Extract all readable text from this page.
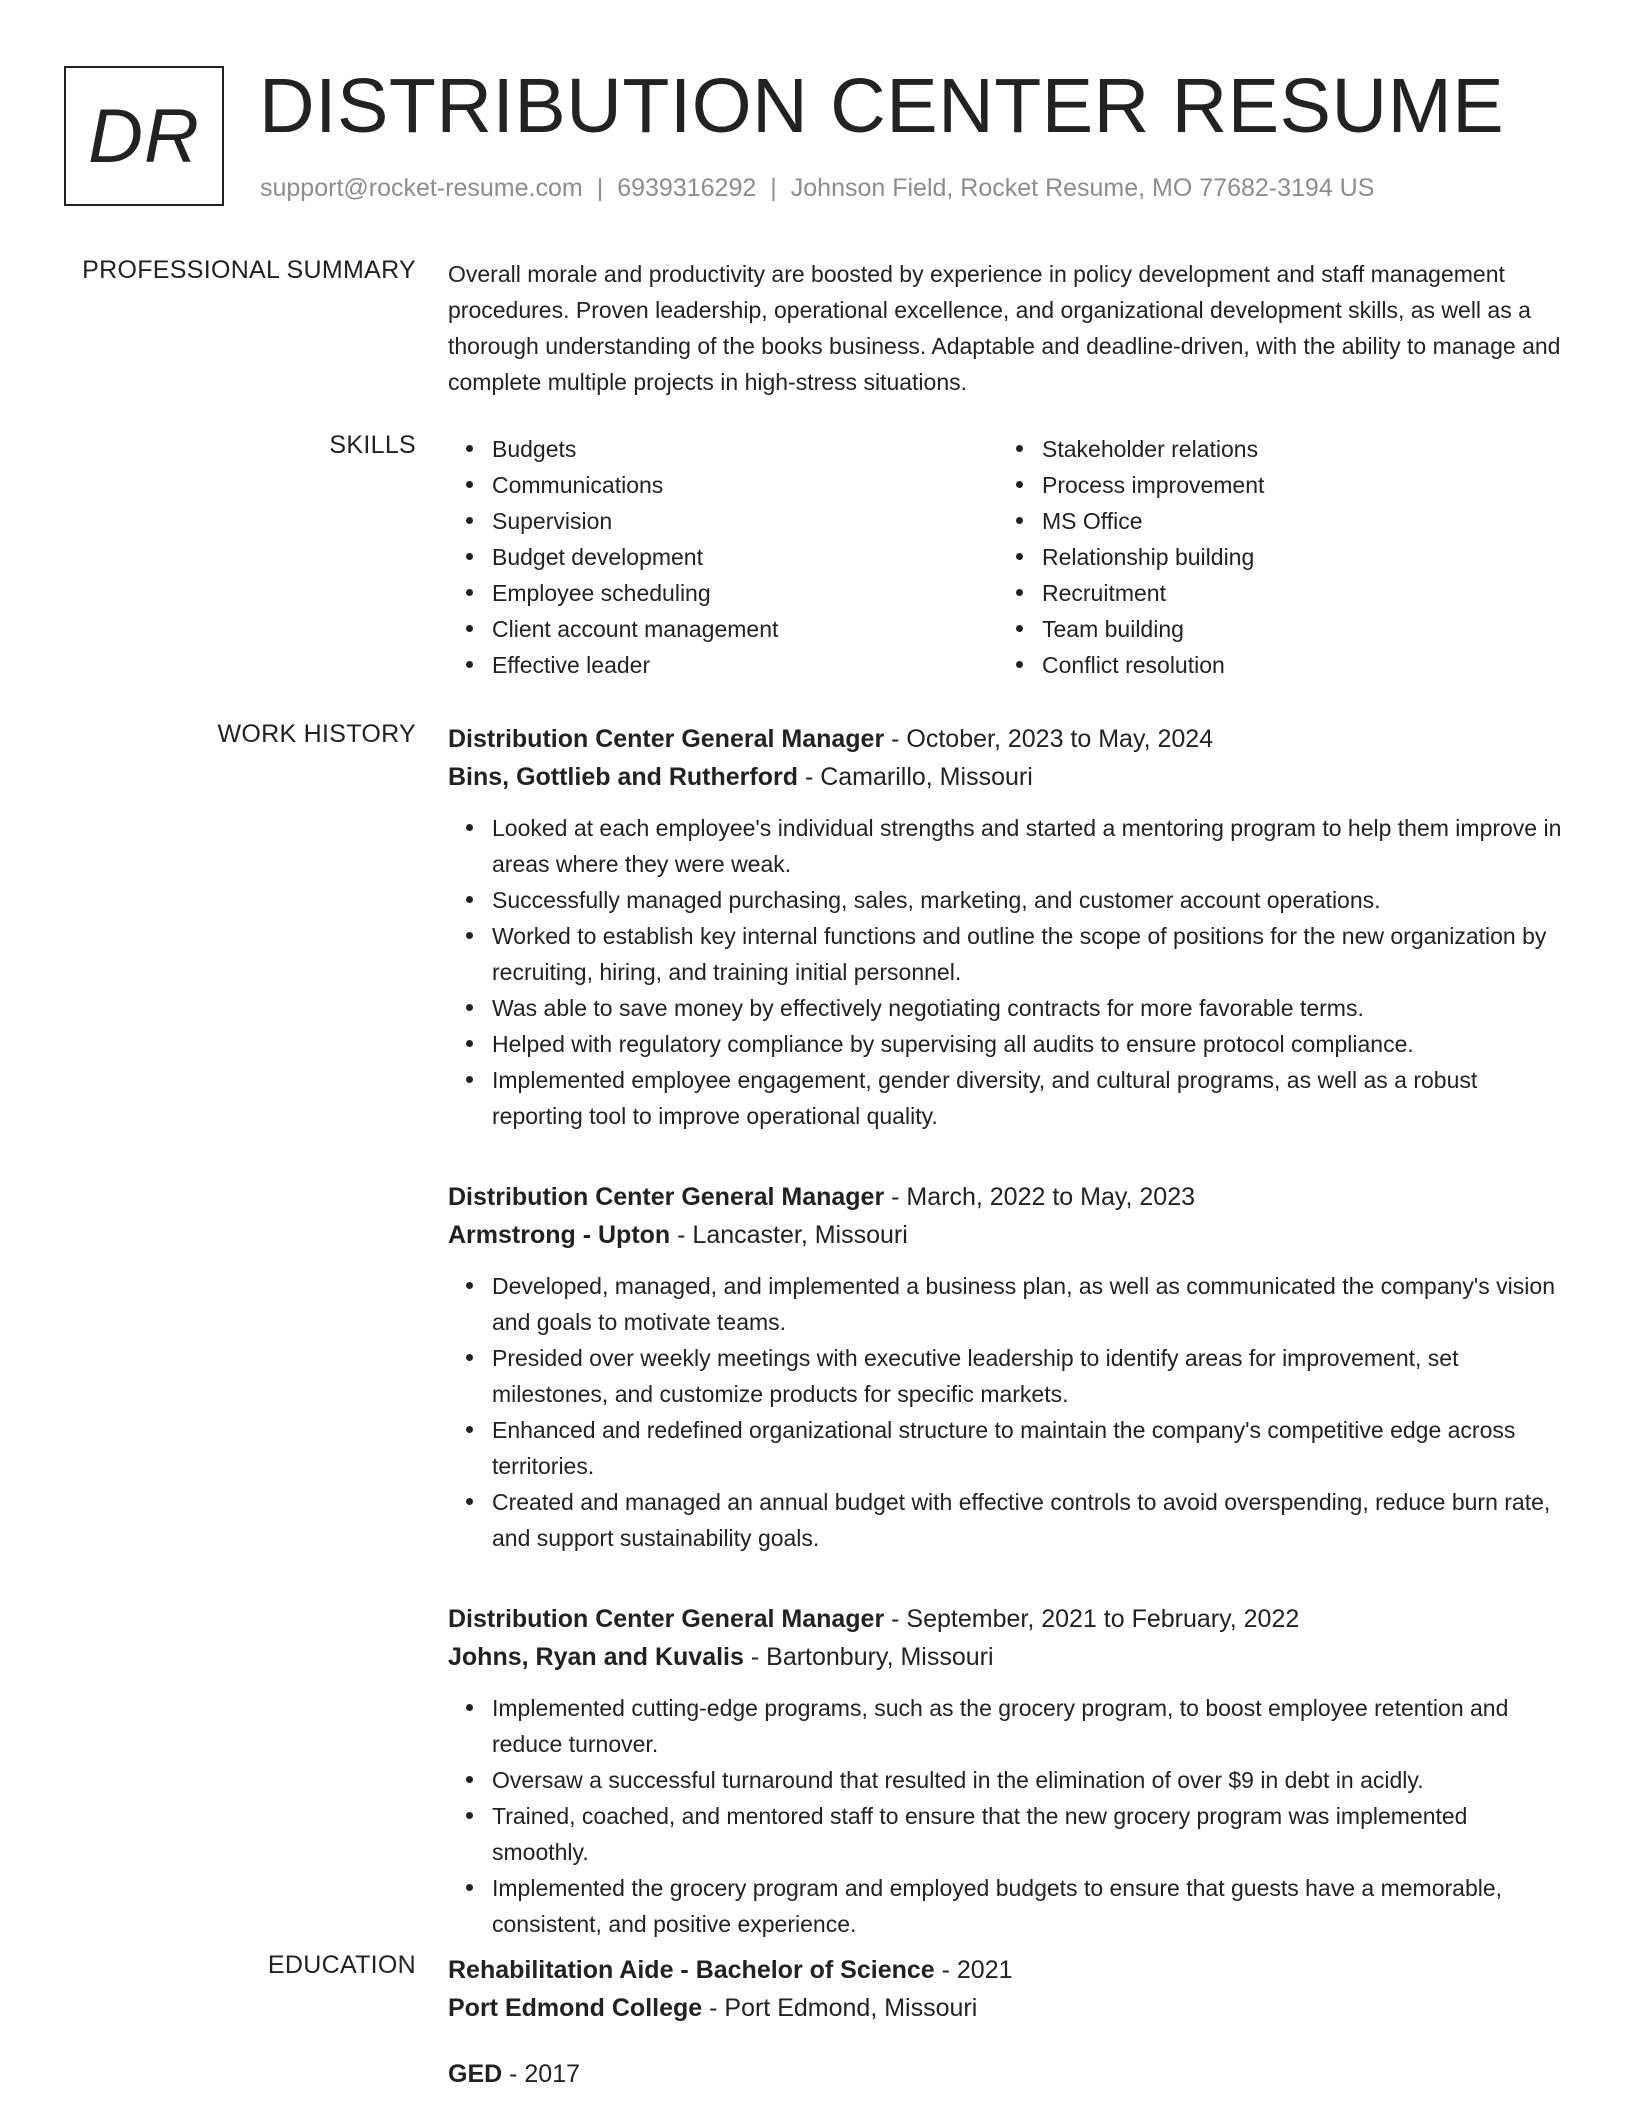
DR DISTRIBUTION CENTER RESUME
support@rocket-resume.com | 6939316292 | Johnson Field, Rocket Resume, MO 77682-3194 US
PROFESSIONAL SUMMARY Overall morale and productivity are boosted by experience in policy development and staff management procedures. Proven leadership, operational excellence, and organizational development skills, as well as a thorough understanding of the books business. Adaptable and deadline-driven, with the ability to manage and complete multiple projects in high-stress situations.

SKILLS	Budgets
Communications
Supervision
Budget development
Employee scheduling
Client account management
Effective leader
Stakeholder relations
Process improvement
MS Office
Relationship building
Recruitment
Team building
Conflict resolution
WORK HISTORY Distribution Center General Manager - October, 2023 to May, 2024
Bins, Gottlieb and Rutherford - Camarillo, Missouri
Looked at each employee's individual strengths and started a mentoring program to help them improve in areas where they were weak.
Successfully managed purchasing, sales, marketing, and customer account operations.
Worked to establish key internal functions and outline the scope of positions for the new organization by recruiting, hiring, and training initial personnel.
Was able to save money by effectively negotiating contracts for more favorable terms.
Helped with regulatory compliance by supervising all audits to ensure protocol compliance.
Implemented employee engagement, gender diversity, and cultural programs, as well as a robust reporting tool to improve operational quality.
Distribution Center General Manager - March, 2022 to May, 2023
Armstrong - Upton - Lancaster, Missouri
Developed, managed, and implemented a business plan, as well as communicated the company's vision and goals to motivate teams.
Presided over weekly meetings with executive leadership to identify areas for improvement, set milestones, and customize products for specific markets.
Enhanced and redefined organizational structure to maintain the company's competitive edge across territories.
Created and managed an annual budget with effective controls to avoid overspending, reduce burn rate, and support sustainability goals.
Distribution Center General Manager - September, 2021 to February, 2022
Johns, Ryan and Kuvalis - Bartonbury, Missouri
Implemented cutting-edge programs, such as the grocery program, to boost employee retention and reduce turnover.
Oversaw a successful turnaround that resulted in the elimination of over $9 in debt in acidly.
Trained, coached, and mentored staff to ensure that the new grocery program was implemented smoothly.
Implemented the grocery program and employed budgets to ensure that guests have a memorable, consistent, and positive experience.
EDUCATION Rehabilitation Aide - Bachelor of Science - 2021
Port Edmond College - Port Edmond, Missouri
GED - 2017
